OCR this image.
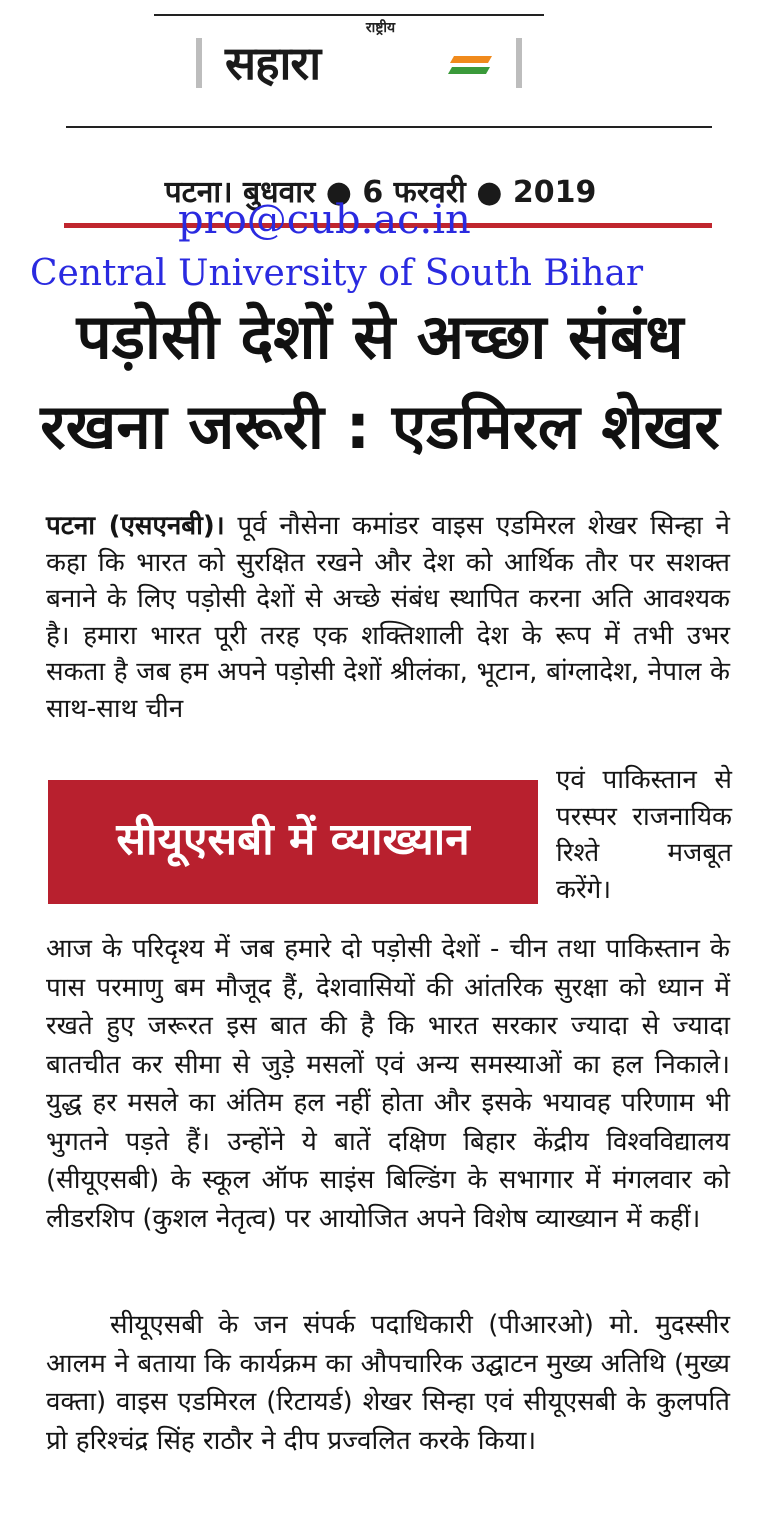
राष्ट्रीय
सहारा
पटना। बुधवार ● 6 फरवरी ● 2019
pro@cub.ac.in
Central University of South Bihar
पड़ोसी देशों से अच्छा संबंध
रखना जरूरी : एडमिरल शेखर
पटना (एसएनबी)। पूर्व नौसेना कमांडर वाइस एडमिरल शेखर सिन्हा ने कहा कि भारत को सुरक्षित रखने और देश को आर्थिक तौर पर सशक्त बनाने के लिए पड़ोसी देशों से अच्छे संबंध स्थापित करना अति आवश्यक है। हमारा भारत पूरी तरह एक शक्तिशाली देश के रूप में तभी उभर सकता है जब हम अपने पड़ोसी देशों श्रीलंका, भूटान, बांग्लादेश, नेपाल के साथ-साथ चीन
सीयूएसबी में व्याख्यान
एवं पाकिस्तान से परस्पर राजनायिक रिश्ते मजबूत करेंगे।
आज के परिदृश्य में जब हमारे दो पड़ोसी देशों - चीन तथा पाकिस्तान के पास परमाणु बम मौजूद हैं, देशवासियों की आंतरिक सुरक्षा को ध्यान में रखते हुए जरूरत इस बात की है कि भारत सरकार ज्यादा से ज्यादा बातचीत कर सीमा से जुड़े मसलों एवं अन्य समस्याओं का हल निकाले। युद्ध हर मसले का अंतिम हल नहीं होता और इसके भयावह परिणाम भी भुगतने पड़ते हैं। उन्होंने ये बातें दक्षिण बिहार केंद्रीय विश्वविद्यालय (सीयूएसबी) के स्कूल ऑफ साइंस बिल्डिंग के सभागार में मंगलवार को लीडरशिप (कुशल नेतृत्व) पर आयोजित अपने विशेष व्याख्यान में कहीं।
सीयूएसबी के जन संपर्क पदाधिकारी (पीआरओ) मो. मुदस्सीर आलम ने बताया कि कार्यक्रम का औपचारिक उद्घाटन मुख्य अतिथि (मुख्य वक्ता) वाइस एडमिरल (रिटायर्ड) शेखर सिन्हा एवं सीयूएसबी के कुलपति प्रो हरिश्चंद्र सिंह राठौर ने दीप प्रज्वलित करके किया।
